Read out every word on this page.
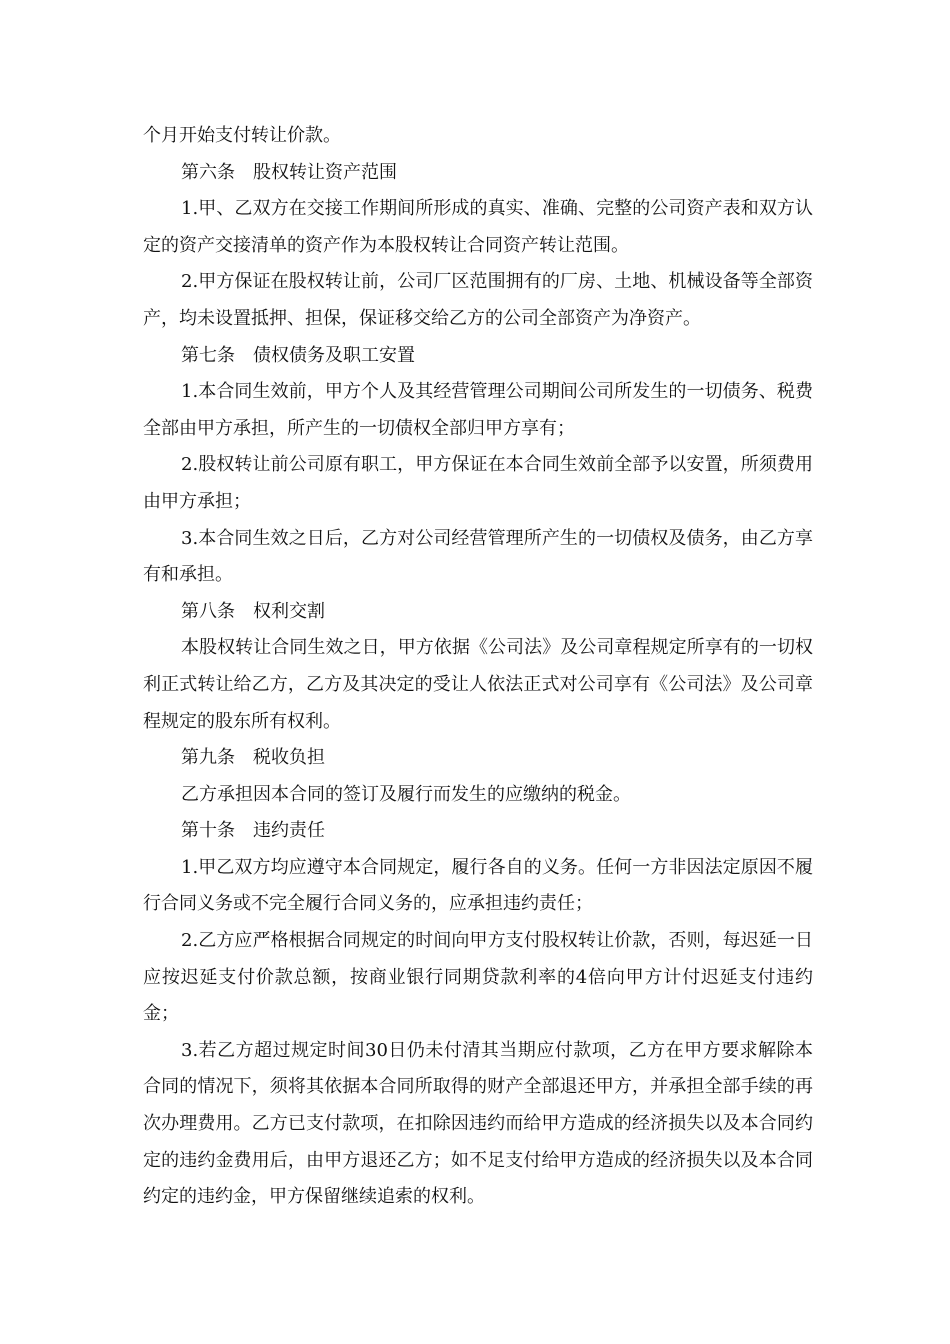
个月开始支付转让价款。

第六条　股权转让资产范围

1.甲、乙双方在交接工作期间所形成的真实、准确、完整的公司资产表和双方认定的资产交接清单的资产作为本股权转让合同资产转让范围。

2.甲方保证在股权转让前，公司厂区范围拥有的厂房、土地、机械设备等全部资产，均未设置抵押、担保，保证移交给乙方的公司全部资产为净资产。

第七条　债权债务及职工安置

1.本合同生效前，甲方个人及其经营管理公司期间公司所发生的一切债务、税费全部由甲方承担，所产生的一切债权全部归甲方享有；

2.股权转让前公司原有职工，甲方保证在本合同生效前全部予以安置，所须费用由甲方承担；

3.本合同生效之日后，乙方对公司经营管理所产生的一切债权及债务，由乙方享有和承担。

第八条　权利交割

本股权转让合同生效之日，甲方依据《公司法》及公司章程规定所享有的一切权利正式转让给乙方，乙方及其决定的受让人依法正式对公司享有《公司法》及公司章程规定的股东所有权利。

第九条　税收负担

乙方承担因本合同的签订及履行而发生的应缴纳的税金。

第十条　违约责任

1.甲乙双方均应遵守本合同规定，履行各自的义务。任何一方非因法定原因不履行合同义务或不完全履行合同义务的，应承担违约责任；

2.乙方应严格根据合同规定的时间向甲方支付股权转让价款，否则，每迟延一日应按迟延支付价款总额，按商业银行同期贷款利率的4倍向甲方计付迟延支付违约金；

3.若乙方超过规定时间30日仍未付清其当期应付款项，乙方在甲方要求解除本合同的情况下，须将其依据本合同所取得的财产全部退还甲方，并承担全部手续的再次办理费用。乙方已支付款项，在扣除因违约而给甲方造成的经济损失以及本合同约定的违约金费用后，由甲方退还乙方；如不足支付给甲方造成的经济损失以及本合同约定的违约金，甲方保留继续追索的权利。
